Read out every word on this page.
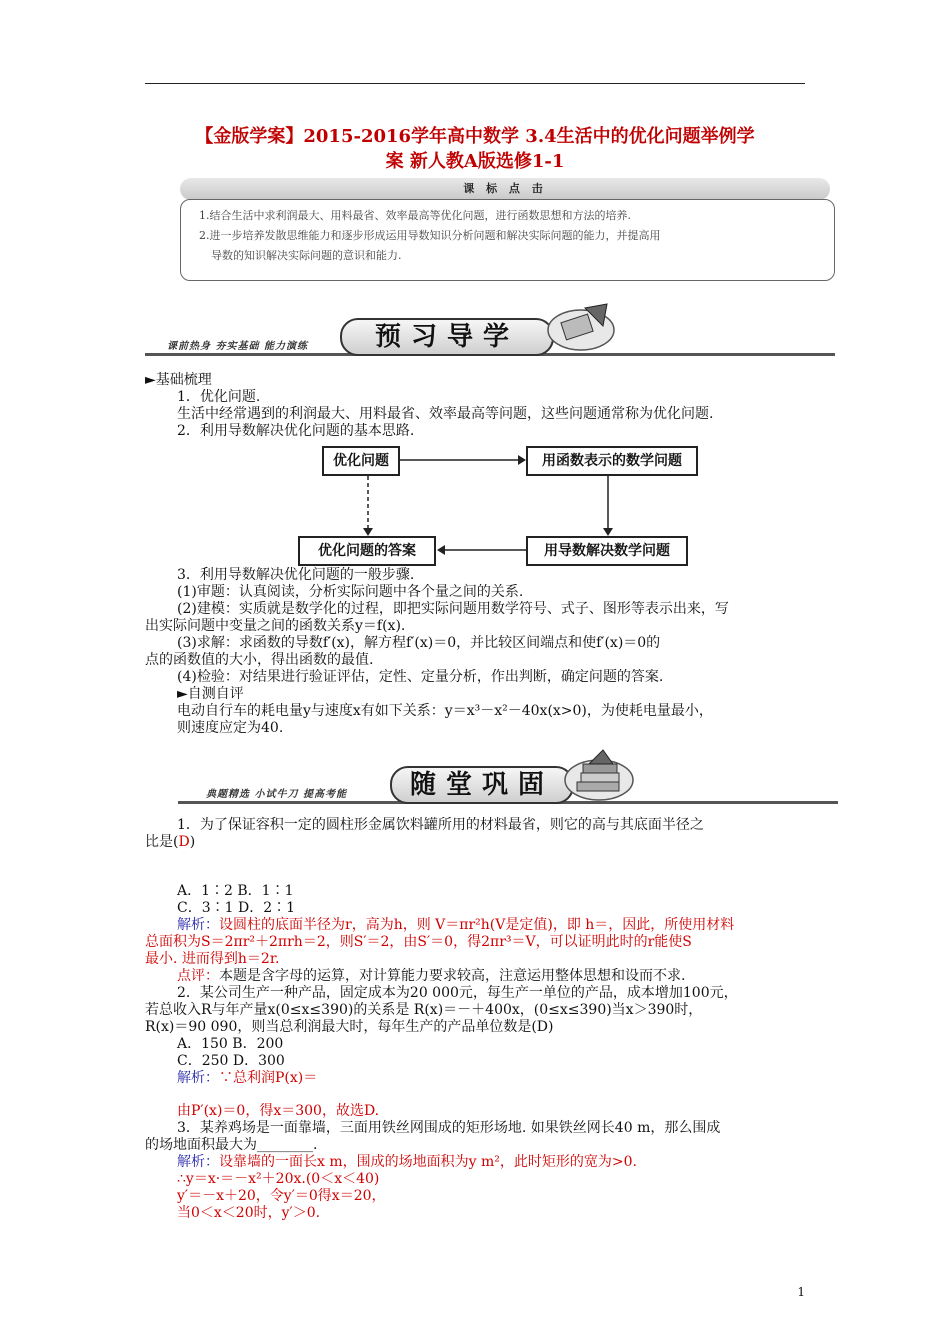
【金版学案】2015-2016学年高中数学 3.4生活中的优化问题举例学
案 新人教A版选修1-1
课 标 点 击
1.结合生活中求利润最大、用料最省、效率最高等优化问题，进行函数思想和方法的培养.
2.进一步培养发散思维能力和逐步形成运用导数知识分析问题和解决实际问题的能力，并提高用
导数的知识解决实际问题的意识和能力.
课前热身 夯实基础 能力演练	预习导学
►基础梳理
1．优化问题.
生活中经常遇到的利润最大、用料最省、效率最高等问题，这些问题通常称为优化问题.
2．利用导数解决优化问题的基本思路.
优化问题	用函数表示的数学问题
用导数解决数学问题
优化问题的答案
3．利用导数解决优化问题的一般步骤.
(1)审题：认真阅读，分析实际问题中各个量之间的关系.
(2)建模：实质就是数学化的过程，即把实际问题用数学符号、式子、图形等表示出来，写
出实际问题中变量之间的函数关系y＝f(x).
(3)求解：求函数的导数f′(x)，解方程f′(x)＝0，并比较区间端点和使f′(x)＝0的
点的函数值的大小，得出函数的最值.
(4)检验：对结果进行验证评估，定性、定量分析，作出判断，确定问题的答案.
►自测自评
电动自行车的耗电量y与速度x有如下关系：y＝x³－x²－40x(x>0)，为使耗电量最小，
则速度应定为40.
典题精选 小试牛刀 提高考能	随堂巩固
1．为了保证容积一定的圆柱形金属饮料罐所用的材料最省，则它的高与其底面半径之
比是(D)
A．1∶2 B．1∶1
C．3∶1 D．2∶1
解析：设圆柱的底面半径为r，高为h，则 V＝πr²h(V是定值)，即 h＝，因此，所使用材料
总面积为S＝2πr²＋2πrh＝2，则S′＝2，由S′＝0，得2πr³＝V，可以证明此时的r能使S
最小. 进而得到h＝2r.
点评：本题是含字母的运算，对计算能力要求较高，注意运用整体思想和设而不求.
2．某公司生产一种产品，固定成本为20 000元，每生产一单位的产品，成本增加100元，
若总收入R与年产量x(0≤x≤390)的关系是 R(x)＝－＋400x，(0≤x≤390)当x＞390时，
R(x)＝90 090，则当总利润最大时，每年生产的产品单位数是(D)
A．150 B．200
C．250 D．300
解析：∵总利润P(x)＝
由P′(x)＝0，得x＝300，故选D.
3．某养鸡场是一面靠墙，三面用铁丝网围成的矩形场地. 如果铁丝网长40 m，那么围成
的场地面积最大为________.
解析：设靠墙的一面长x m，围成的场地面积为y m²，此时矩形的宽为>0.
∴y＝x·＝－x²＋20x.(0＜x＜40)
y′＝－x＋20，令y′＝0得x＝20，
当0＜x＜20时，y′＞0.
1
